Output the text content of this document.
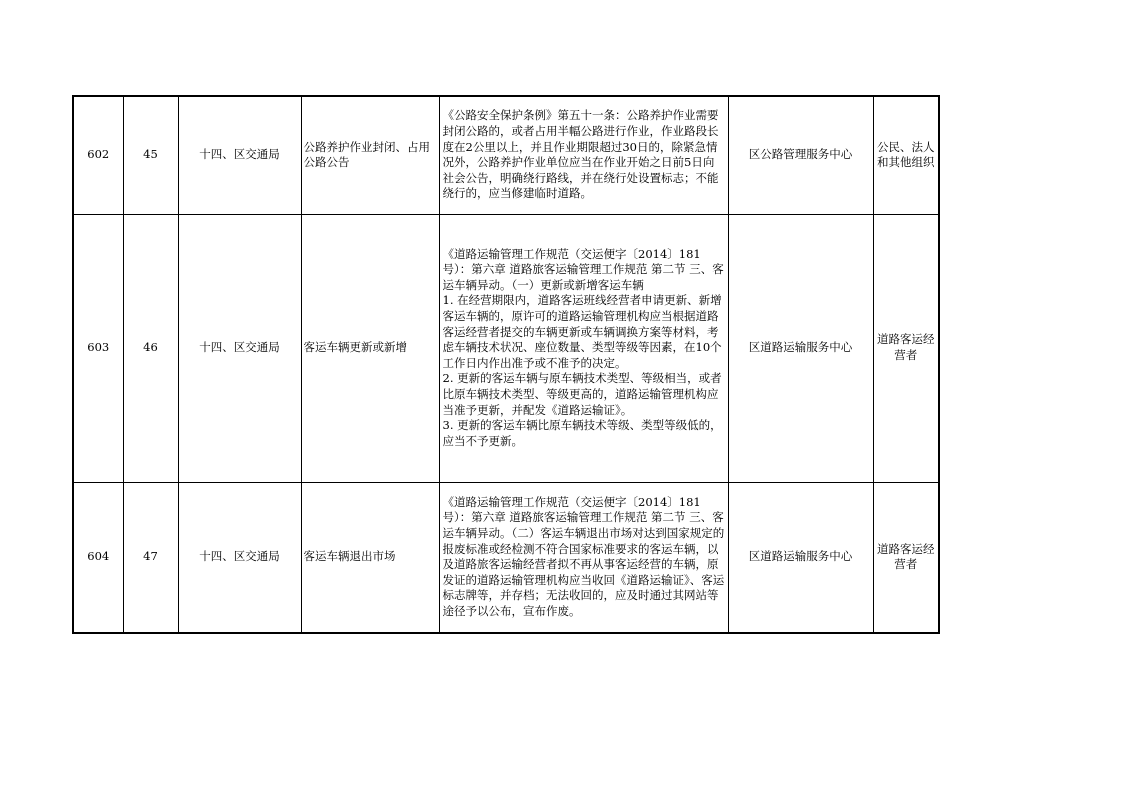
602	45	十四、区交通局	公路养护作业封闭、占用公路公告	《公路安全保护条例》第五十一条：公路养护作业需要封闭公路的，或者占用半幅公路进行作业，作业路段长度在2公里以上，并且作业期限超过30日的，除紧急情况外，公路养护作业单位应当在作业开始之日前5日向社会公告，明确绕行路线，并在绕行处设置标志；不能绕行的，应当修建临时道路。	区公路管理服务中心	公民、法人和其他组织
603	46	十四、区交通局	客运车辆更新或新增	《道路运输管理工作规范（交运便字〔2014〕181号）：第六章 道路旅客运输管理工作规范 第二节 三、客运车辆异动。（一）更新或新增客运车辆
1. 在经营期限内，道路客运班线经营者申请更新、新增客运车辆的，原许可的道路运输管理机构应当根据道路客运经营者提交的车辆更新或车辆调换方案等材料，考虑车辆技术状况、座位数量、类型等级等因素，在10个工作日内作出准予或不准予的决定。
2. 更新的客运车辆与原车辆技术类型、等级相当，或者比原车辆技术类型、等级更高的，道路运输管理机构应当准予更新，并配发《道路运输证》。
3. 更新的客运车辆比原车辆技术等级、类型等级低的，应当不予更新。	区道路运输服务中心	道路客运经营者
604	47	十四、区交通局	客运车辆退出市场	《道路运输管理工作规范（交运便字〔2014〕181号）：第六章 道路旅客运输管理工作规范 第二节 三、客运车辆异动。（二）客运车辆退出市场对达到国家规定的报废标准或经检测不符合国家标准要求的客运车辆，以及道路旅客运输经营者拟不再从事客运经营的车辆，原发证的道路运输管理机构应当收回《道路运输证》、客运标志牌等，并存档；无法收回的，应及时通过其网站等途径予以公布，宣布作废。	区道路运输服务中心	道路客运经营者
